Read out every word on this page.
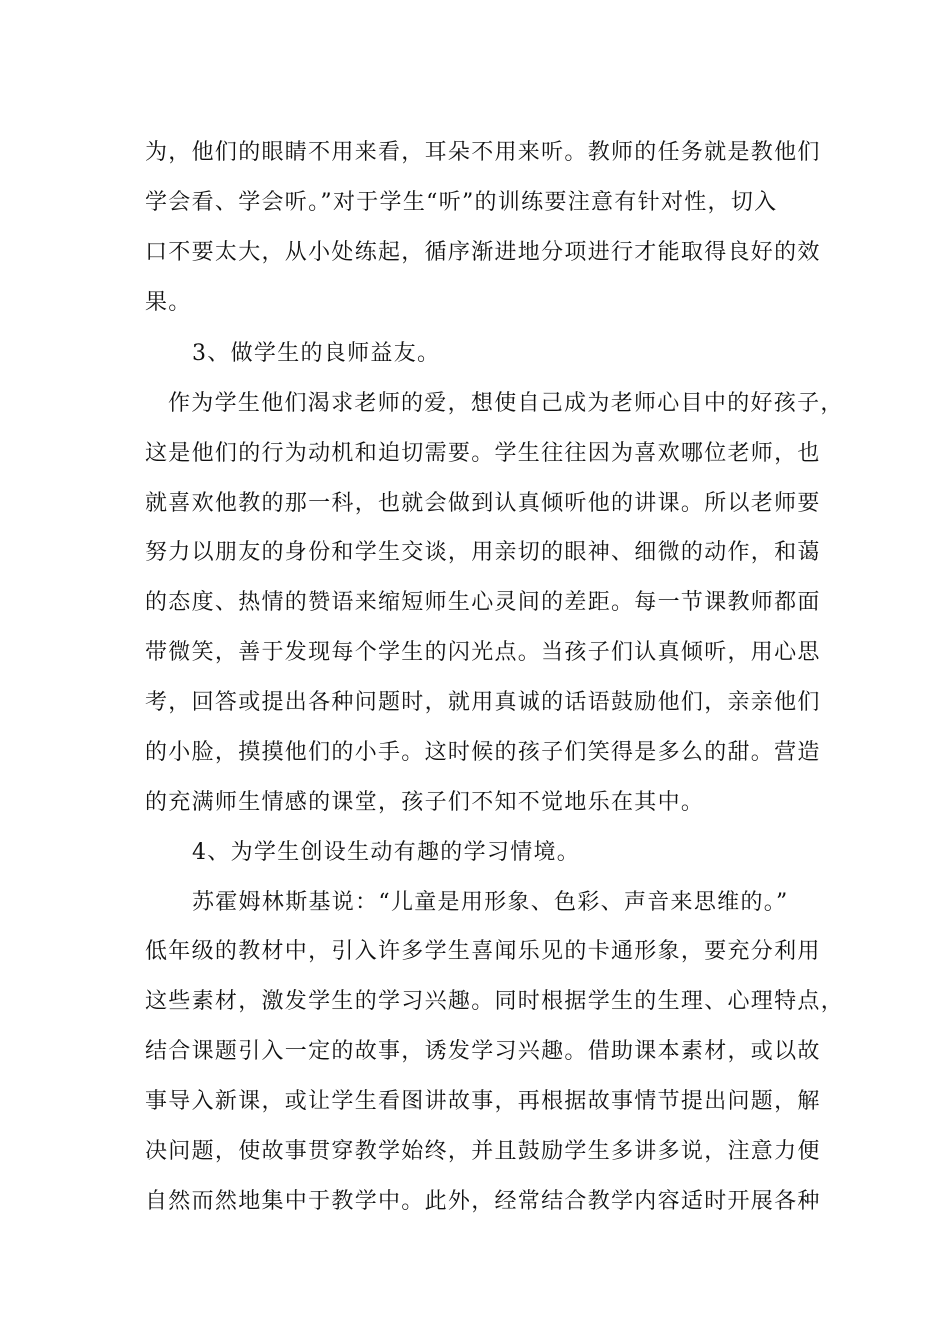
为，他们的眼睛不用来看，耳朵不用来听。教师的任务就是教他们
学会看、学会听。”对于学生“听”的训练要注意有针对性，切入
口不要太大，从小处练起，循序渐进地分项进行才能取得良好的效
果。
3、做学生的良师益友。
作为学生他们渴求老师的爱，想使自己成为老师心目中的好孩子，
这是他们的行为动机和迫切需要。学生往往因为喜欢哪位老师，也
就喜欢他教的那一科，也就会做到认真倾听他的讲课。所以老师要
努力以朋友的身份和学生交谈，用亲切的眼神、细微的动作，和蔼
的态度、热情的赞语来缩短师生心灵间的差距。每一节课教师都面
带微笑，善于发现每个学生的闪光点。当孩子们认真倾听，用心思
考，回答或提出各种问题时，就用真诚的话语鼓励他们，亲亲他们
的小脸，摸摸他们的小手。这时候的孩子们笑得是多么的甜。营造
的充满师生情感的课堂，孩子们不知不觉地乐在其中。
4、为学生创设生动有趣的学习情境。
苏霍姆林斯基说：“儿童是用形象、色彩、声音来思维的。”
低年级的教材中，引入许多学生喜闻乐见的卡通形象，要充分利用
这些素材，激发学生的学习兴趣。同时根据学生的生理、心理特点，
结合课题引入一定的故事，诱发学习兴趣。借助课本素材，或以故
事导入新课，或让学生看图讲故事，再根据故事情节提出问题，解
决问题，使故事贯穿教学始终，并且鼓励学生多讲多说，注意力便
自然而然地集中于教学中。此外，经常结合教学内容适时开展各种
